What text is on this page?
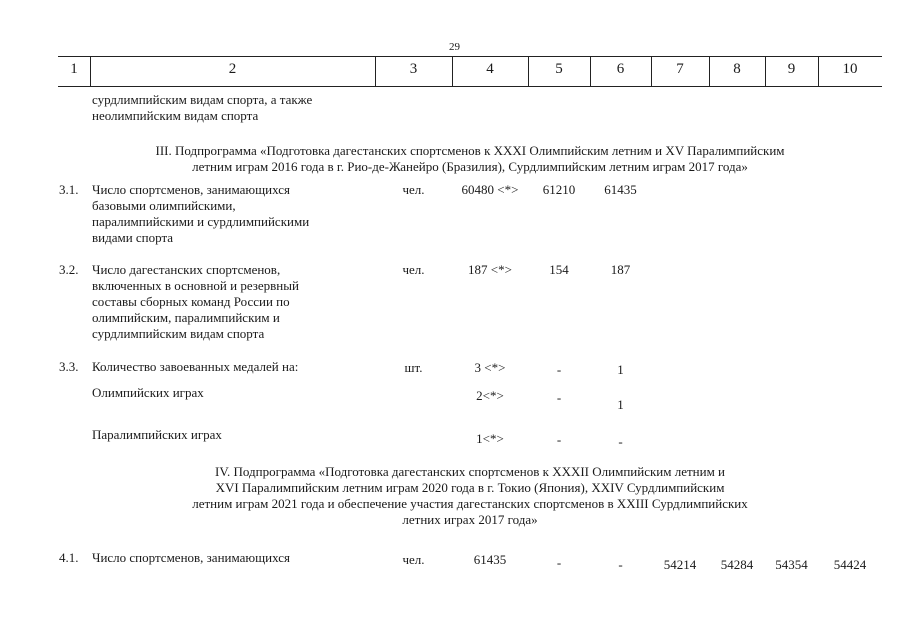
29
1	2	3	4	5	6	7	8	9	10
сурдлимпийским видам спорта, а также
неолимпийским видам спорта
III. Подпрограмма «Подготовка дагестанских спортсменов к XXXI Олимпийским летним и XV Паралимпийским
летним играм 2016 года в г. Рио-де-Жанейро (Бразилия), Сурдлимпийским летним играм 2017 года»
3.1. Число спортсменов, занимающихся
базовыми олимпийскими,
паралимпийскими и сурдлимпийскими
видами спорта
чел.	60480 <*>	61210	61435
3.2. Число дагестанских спортсменов,
включенных в основной и резервный
составы сборных команд России по
олимпийским, паралимпийским и
сурдлимпийским видам спорта
чел.	187 <*>	154	187
3.3. Количество завоеванных медалей на:	шт.	3 <*>	-	1
Олимпийских играх	2<*>	-	1
Паралимпийских играх	1<*>	-	-
IV. Подпрограмма «Подготовка дагестанских спортсменов к XXXII Олимпийским летним и
XVI Паралимпийским летним играм 2020 года в г. Токио (Япония), XXIV Сурдлимпийским
летним играм 2021 года и обеспечение участия дагестанских спортсменов в XXIII Сурдлимпийских
летних играх 2017 года»
4.1. Число спортсменов, занимающихся	чел.	61435	-	-	54214	54284	54354	54424
